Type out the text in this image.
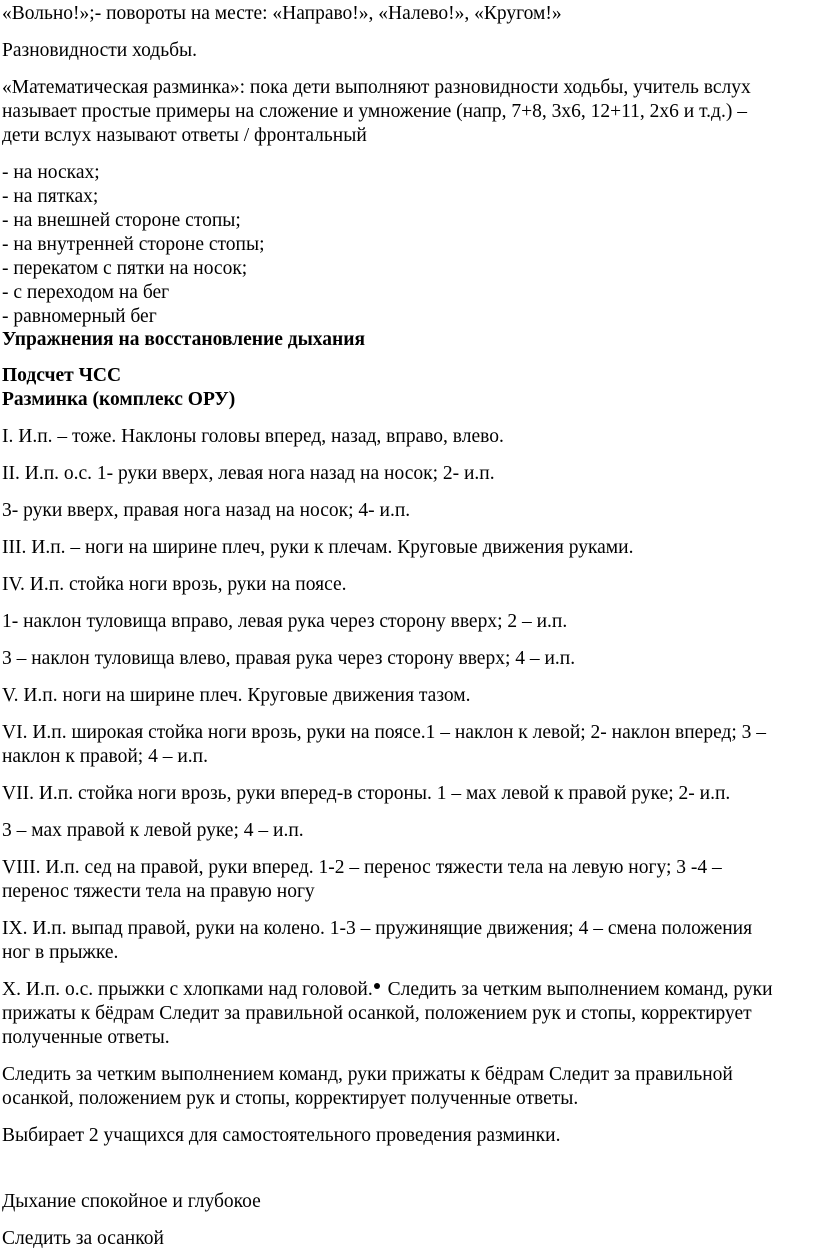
«Вольно!»;- повороты на месте: «Направо!», «Налево!», «Кругом!»
Разновидности ходьбы.
«Математическая разминка»: пока дети выполняют разновидности ходьбы, учитель вслух
называет простые примеры на сложение и умножение (напр, 7+8, 3х6, 12+11, 2х6 и т.д.) –
дети вслух называют ответы / фронтальный
- на носках;
- на пятках;
- на внешней стороне стопы;
- на внутренней стороне стопы;
- перекатом с пятки на носок;
- с переходом на бег
- равномерный бег
Упражнения на восстановление дыхания
Подсчет ЧСС
Разминка (комплекс ОРУ)
I. И.п. – тоже. Наклоны головы вперед, назад, вправо, влево.
II. И.п. о.с. 1- руки вверх, левая нога назад на носок; 2- и.п.
3- руки вверх, правая нога назад на носок; 4- и.п.
III. И.п. – ноги на ширине плеч, руки к плечам. Круговые движения руками.
IV. И.п. стойка ноги врозь, руки на поясе.
1- наклон туловища вправо, левая рука через сторону вверх; 2 – и.п.
3 – наклон туловища влево, правая рука через сторону вверх; 4 – и.п.
V. И.п. ноги на ширине плеч. Круговые движения тазом.
VI. И.п. широкая стойка ноги врозь, руки на поясе.1 – наклон к левой; 2- наклон вперед; 3 –
наклон к правой; 4 – и.п.
VII. И.п. стойка ноги врозь, руки вперед-в стороны. 1 – мах левой к правой руке; 2- и.п.
3 – мах правой к левой руке; 4 – и.п.
VIII. И.п. сед на правой, руки вперед. 1-2 – перенос тяжести тела на левую ногу; 3 -4 –
перенос тяжести тела на правую ногу
IX. И.п. выпад правой, руки на колено. 1-3 – пружинящие движения; 4 – смена положения
ног в прыжке.
X. И.п. о.с. прыжки с хлопками над головой. Следить за четким выполнением команд, руки
прижаты к бёдрам Следит за правильной осанкой, положением рук и стопы, корректирует
полученные ответы.
Следить за четким выполнением команд, руки прижаты к бёдрам Следит за правильной
осанкой, положением рук и стопы, корректирует полученные ответы.
Выбирает 2 учащихся для самостоятельного проведения разминки.
Дыхание спокойное и глубокое
Следить за осанкой
